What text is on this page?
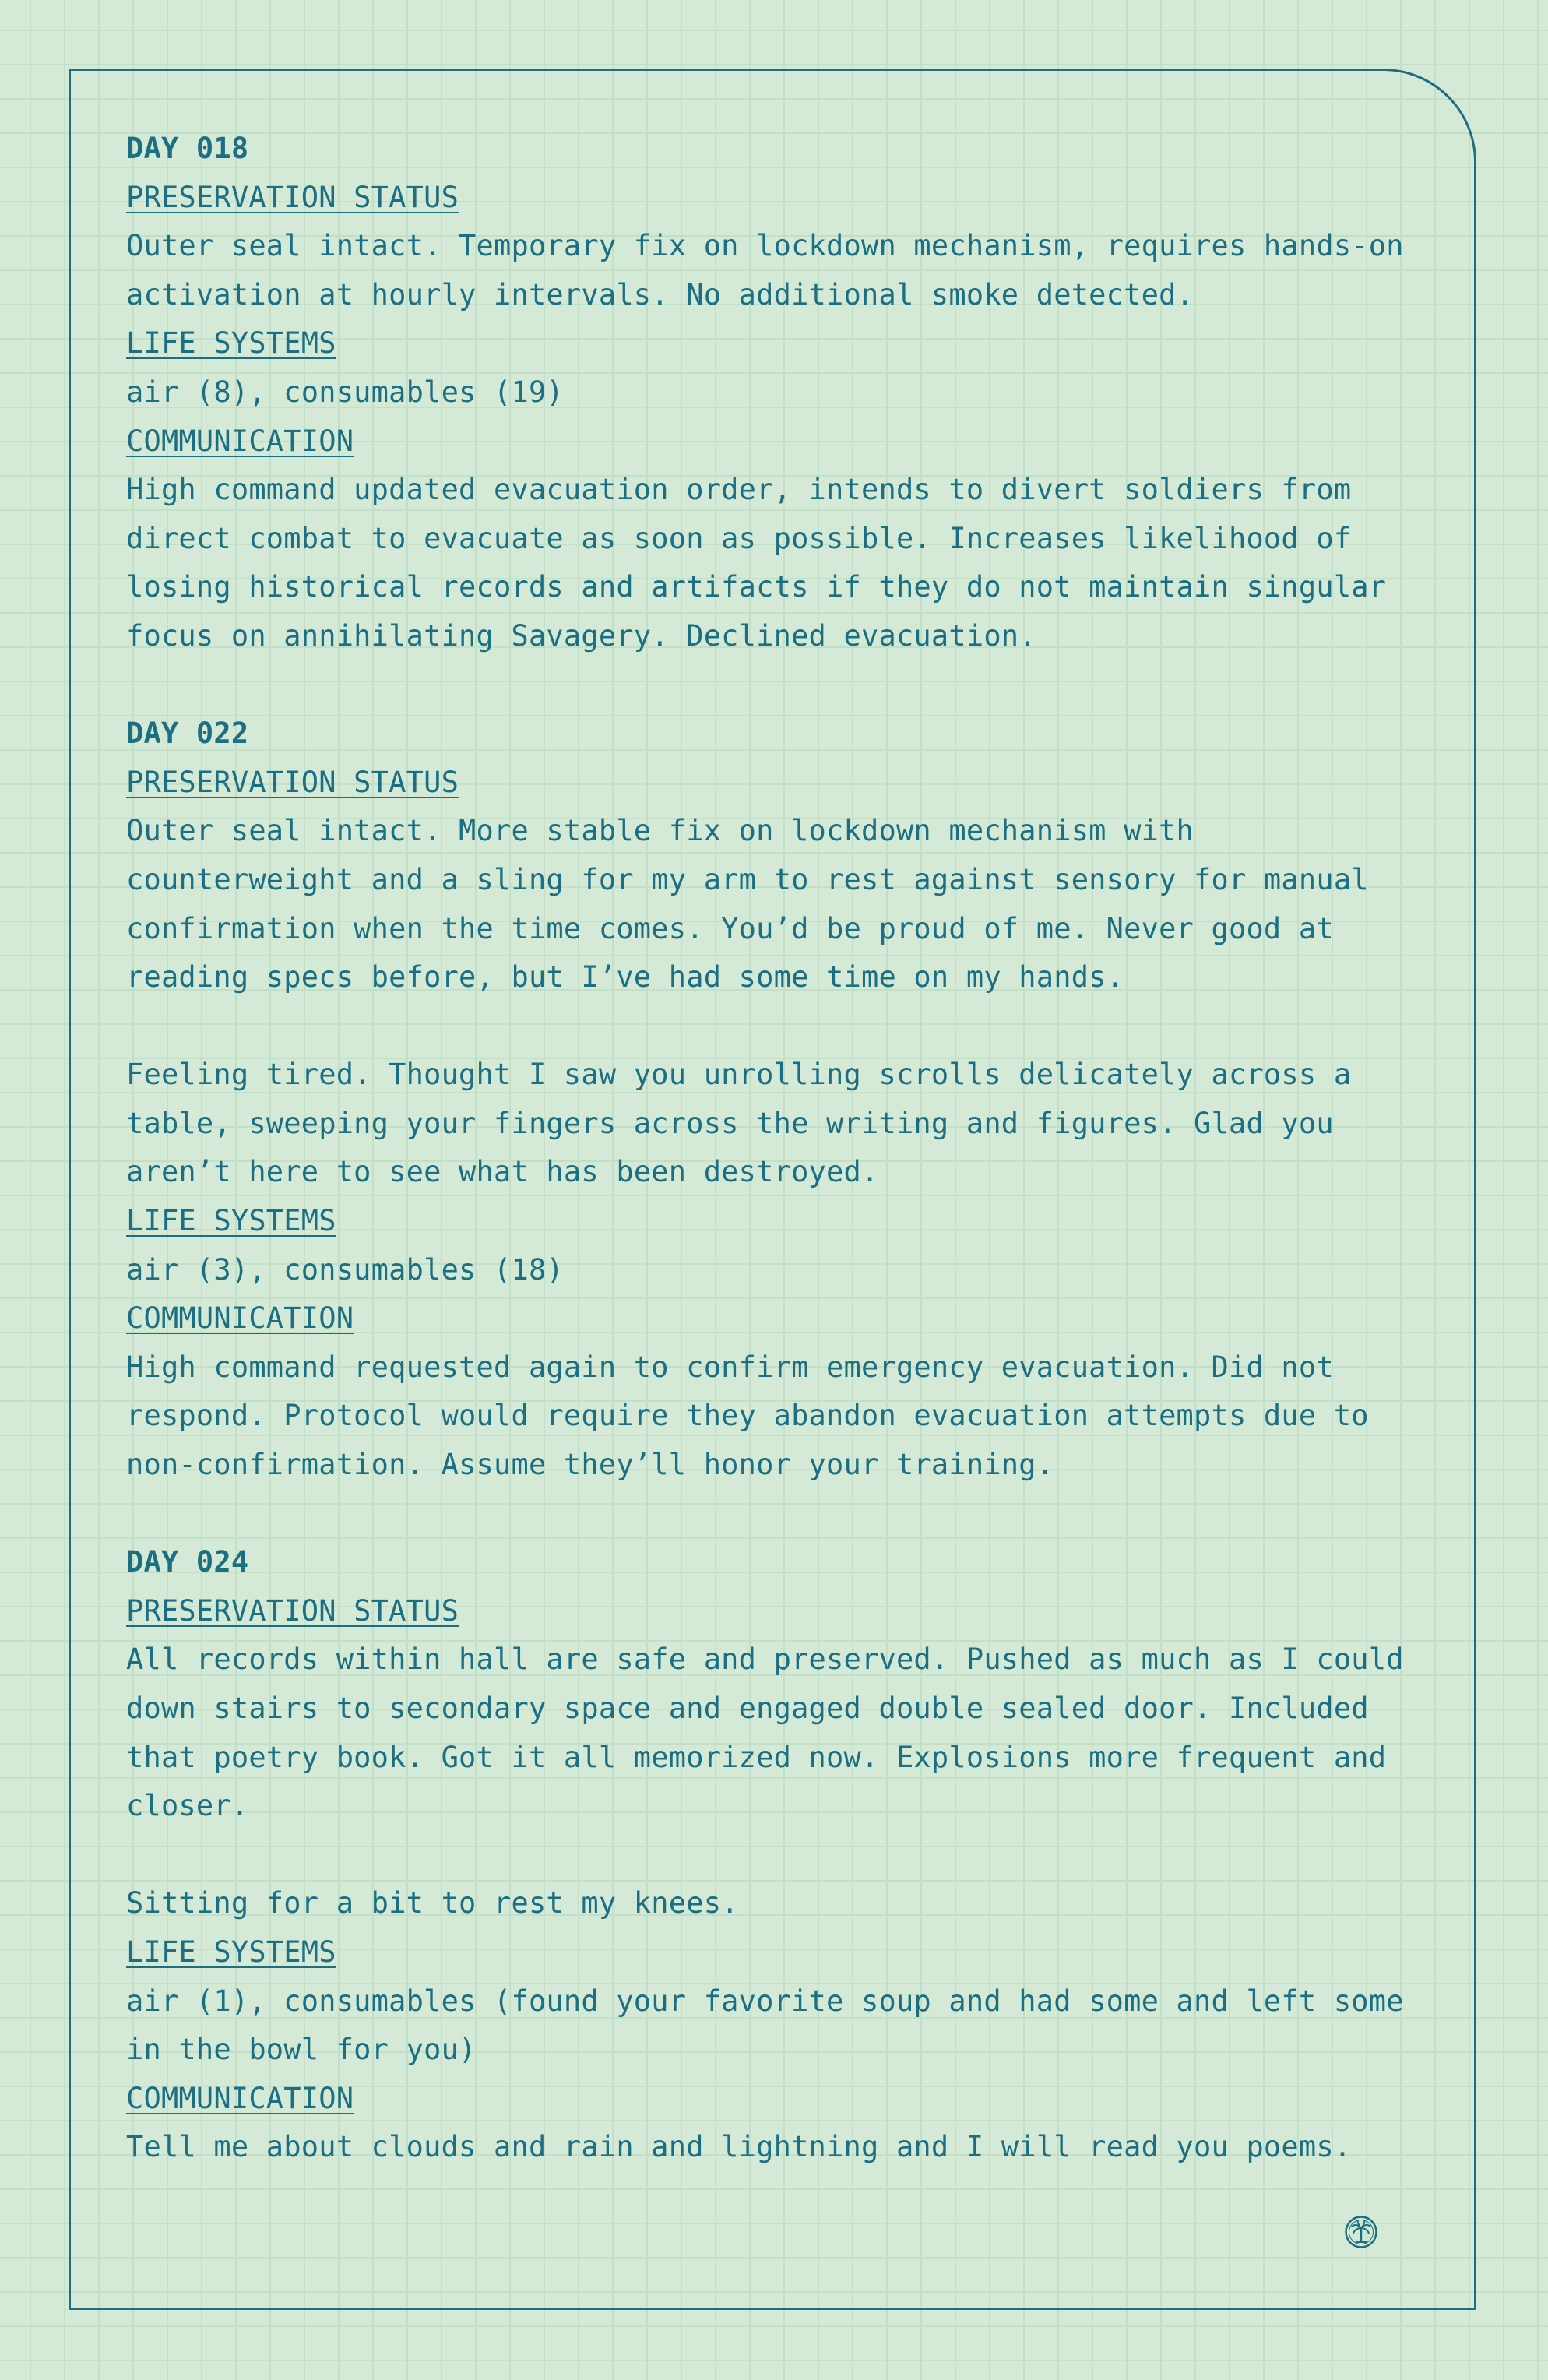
DAY 018
PRESERVATION STATUS
Outer seal intact. Temporary fix on lockdown mechanism, requires hands-on activation at hourly intervals. No additional smoke detected.
LIFE SYSTEMS
air (8), consumables (19)
COMMUNICATION
High command updated evacuation order, intends to divert soldiers from direct combat to evacuate as soon as possible. Increases likelihood of losing historical records and artifacts if they do not maintain singular focus on annihilating Savagery. Declined evacuation.
DAY 022
PRESERVATION STATUS
Outer seal intact. More stable fix on lockdown mechanism with counterweight and a sling for my arm to rest against sensory for manual confirmation when the time comes. You’d be proud of me. Never good at reading specs before, but I’ve had some time on my hands.
Feeling tired. Thought I saw you unrolling scrolls delicately across a table, sweeping your fingers across the writing and figures. Glad you aren’t here to see what has been destroyed.
LIFE SYSTEMS
air (3), consumables (18)
COMMUNICATION
High command requested again to confirm emergency evacuation. Did not respond. Protocol would require they abandon evacuation attempts due to non-confirmation. Assume they’ll honor your training.
DAY 024
PRESERVATION STATUS
All records within hall are safe and preserved. Pushed as much as I could down stairs to secondary space and engaged double sealed door. Included that poetry book. Got it all memorized now. Explosions more frequent and closer.
Sitting for a bit to rest my knees.
LIFE SYSTEMS
air (1), consumables (found your favorite soup and had some and left some in the bowl for you)
COMMUNICATION
Tell me about clouds and rain and lightning and I will read you poems.
